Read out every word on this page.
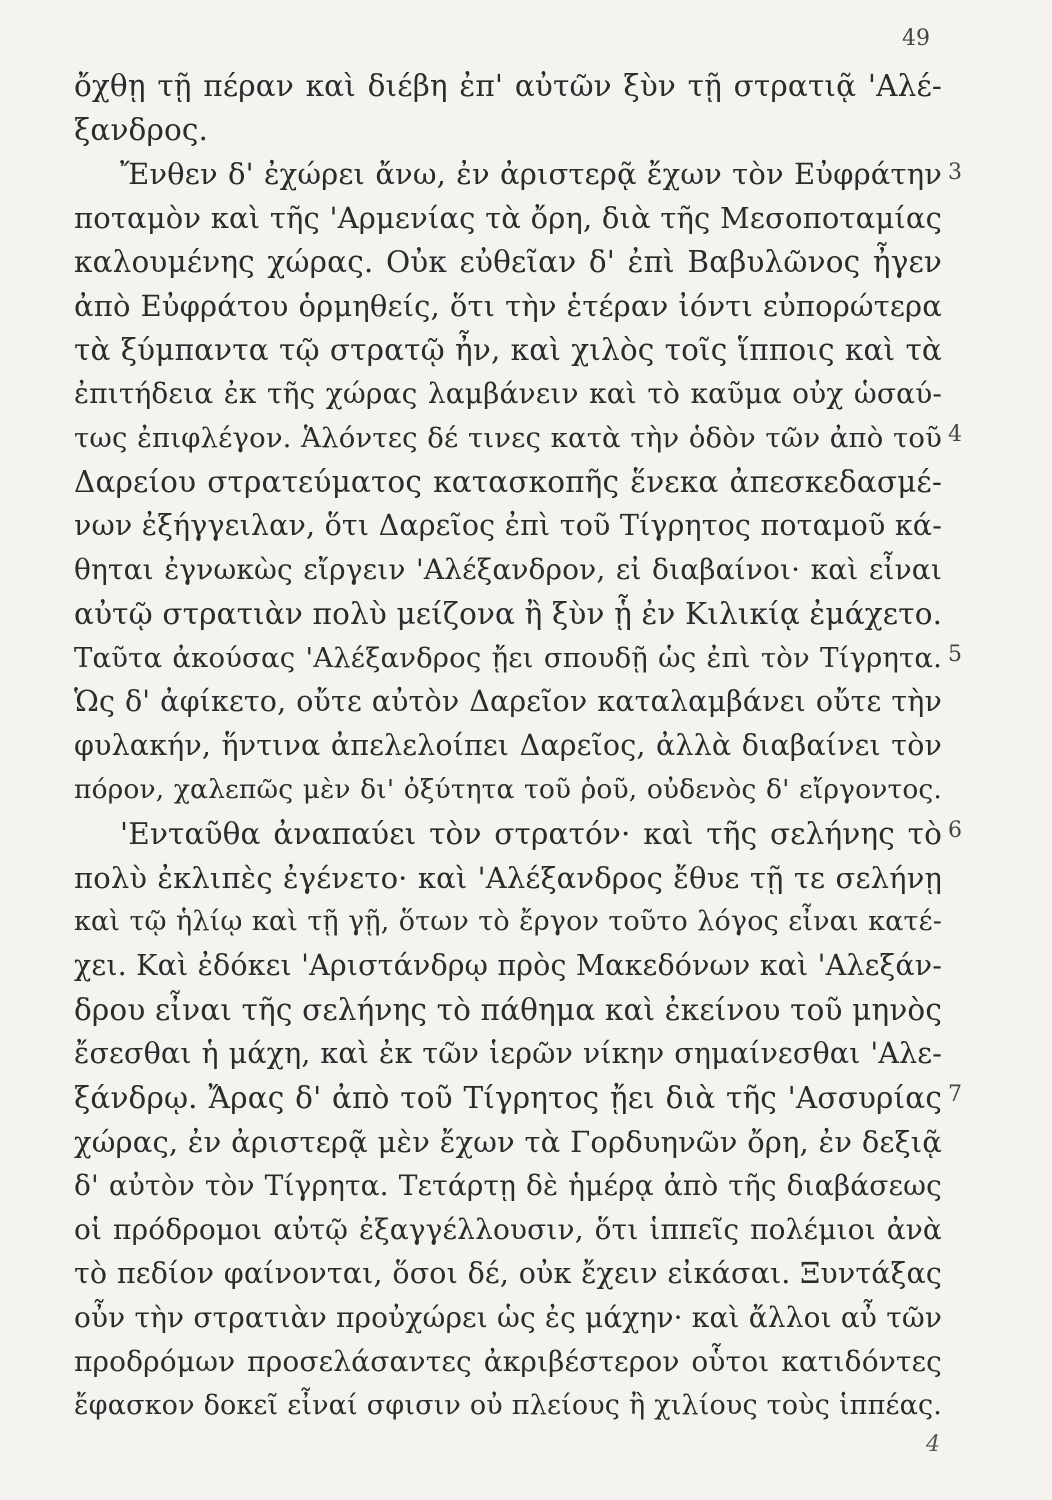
49
ὄχθῃ τῇ πέραν καὶ διέβη ἐπ' αὐτῶν ξὺν τῇ στρατιᾷ 'Αλέ-
ξανδρος.
Ἔνθεν δ' ἐχώρει ἄνω, ἐν ἀριστερᾷ ἔχων τὸν Εὐφράτην
ποταμὸν καὶ τῆς 'Αρμενίας τὰ ὄρη, διὰ τῆς Μεσοποταμίας
καλουμένης χώρας. Οὐκ εὐθεῖαν δ' ἐπὶ Βαβυλῶνος ἦγεν
ἀπὸ Εὐφράτου ὁρμηθείς, ὅτι τὴν ἑτέραν ἰόντι εὐπορώτερα
τὰ ξύμπαντα τῷ στρατῷ ἦν, καὶ χιλὸς τοῖς ἵπποις καὶ τὰ
ἐπιτήδεια ἐκ τῆς χώρας λαμβάνειν καὶ τὸ καῦμα οὐχ ὡσαύ-
τως ἐπιφλέγον. Ἁλόντες δέ τινες κατὰ τὴν ὁδὸν τῶν ἀπὸ τοῦ
Δαρείου στρατεύματος κατασκοπῆς ἕνεκα ἀπεσκεδασμέ-
νων ἐξήγγειλαν, ὅτι Δαρεῖος ἐπὶ τοῦ Τίγρητος ποταμοῦ κά-
θηται ἐγνωκὼς εἴργειν 'Αλέξανδρον, εἰ διαβαίνοι· καὶ εἶναι
αὐτῷ στρατιὰν πολὺ μείζονα ἢ ξὺν ᾗ ἐν Κιλικίᾳ ἐμάχετο.
Ταῦτα ἀκούσας 'Αλέξανδρος ᾔει σπουδῇ ὡς ἐπὶ τὸν Τίγρητα.
Ὡς δ' ἀφίκετο, οὔτε αὐτὸν Δαρεῖον καταλαμβάνει οὔτε τὴν
φυλακήν, ἥντινα ἀπελελοίπει Δαρεῖος, ἀλλὰ διαβαίνει τὸν
πόρον, χαλεπῶς μὲν δι' ὀξύτητα τοῦ ῥοῦ, οὐδενὸς δ' εἴργοντος.
'Ενταῦθα ἀναπαύει τὸν στρατόν· καὶ τῆς σελήνης τὸ
πολὺ ἐκλιπὲς ἐγένετο· καὶ 'Αλέξανδρος ἔθυε τῇ τε σελήνῃ
καὶ τῷ ἡλίῳ καὶ τῇ γῇ, ὅτων τὸ ἔργον τοῦτο λόγος εἶναι κατέ-
χει. Καὶ ἐδόκει 'Αριστάνδρῳ πρὸς Μακεδόνων καὶ 'Αλεξάν-
δρου εἶναι τῆς σελήνης τὸ πάθημα καὶ ἐκείνου τοῦ μηνὸς
ἔσεσθαι ἡ μάχη, καὶ ἐκ τῶν ἱερῶν νίκην σημαίνεσθαι 'Αλε-
ξάνδρῳ. Ἄρας δ' ἀπὸ τοῦ Τίγρητος ᾔει διὰ τῆς 'Ασσυρίας
χώρας, ἐν ἀριστερᾷ μὲν ἔχων τὰ Γορδυηνῶν ὄρη, ἐν δεξιᾷ
δ' αὐτὸν τὸν Τίγρητα. Τετάρτῃ δὲ ἡμέρᾳ ἀπὸ τῆς διαβάσεως
οἱ πρόδρομοι αὐτῷ ἐξαγγέλλουσιν, ὅτι ἱππεῖς πολέμιοι ἀνὰ
τὸ πεδίον φαίνονται, ὅσοι δέ, οὐκ ἔχειν εἰκάσαι. Ξυντάξας
οὖν τὴν στρατιὰν προὐχώρει ὡς ἐς μάχην· καὶ ἄλλοι αὖ τῶν
προδρόμων προσελάσαντες ἀκριβέστερον οὗτοι κατιδόντες
ἔφασκον δοκεῖ εἶναί σφισιν οὐ πλείους ἢ χιλίους τοὺς ἱππέας.
3
4
5
6
7
4
